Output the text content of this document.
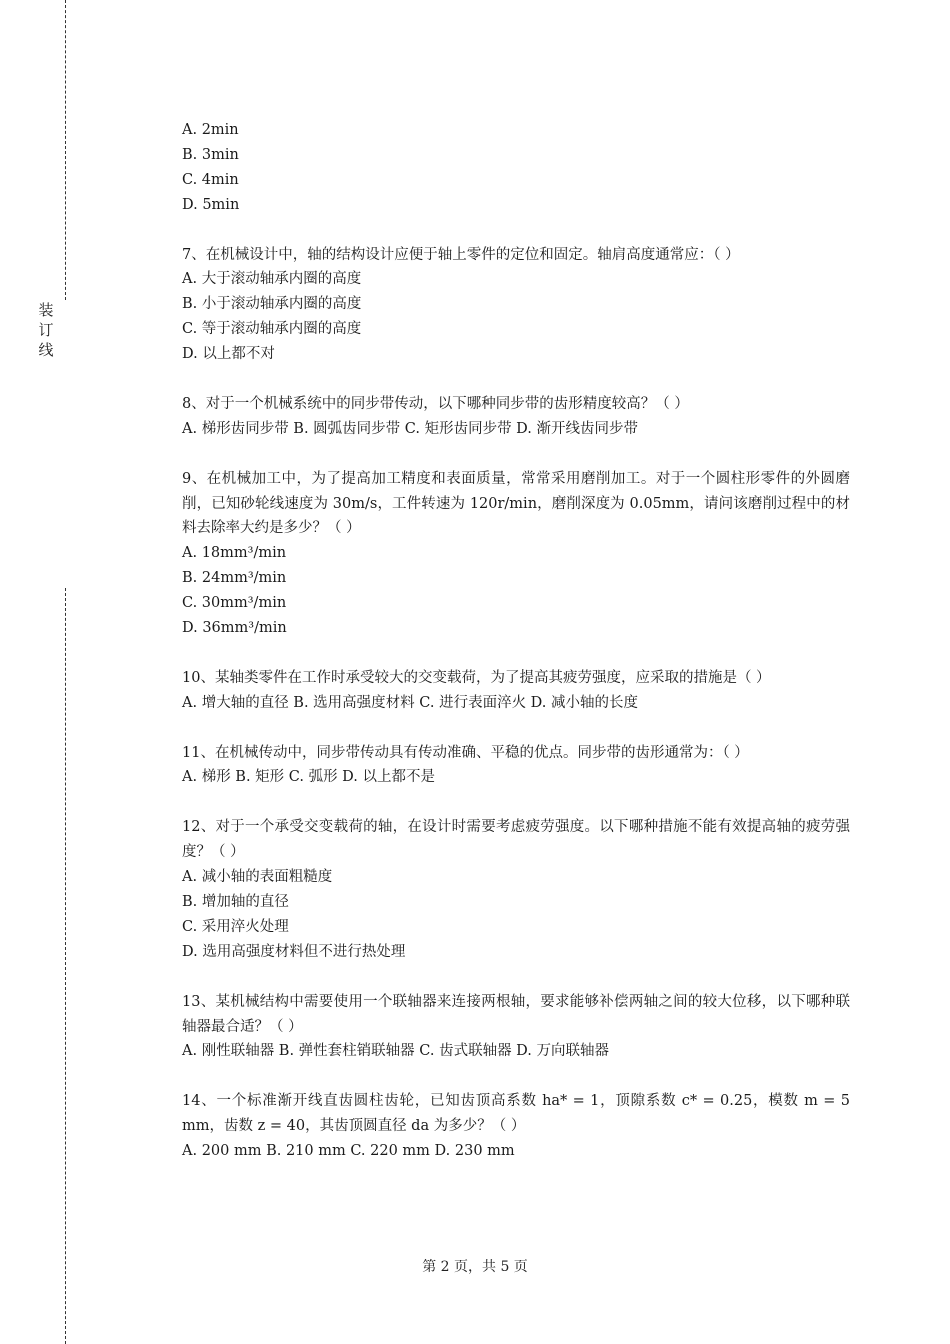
装
订
线
A. 2min
B. 3min
C. 4min
D. 5min
7、在机械设计中，轴的结构设计应便于轴上零件的定位和固定。轴肩高度通常应：（ ）
A. 大于滚动轴承内圈的高度
B. 小于滚动轴承内圈的高度
C. 等于滚动轴承内圈的高度
D. 以上都不对
8、对于一个机械系统中的同步带传动，以下哪种同步带的齿形精度较高？（ ）
A. 梯形齿同步带 B. 圆弧齿同步带 C. 矩形齿同步带 D. 渐开线齿同步带
9、在机械加工中，为了提高加工精度和表面质量，常常采用磨削加工。对于一个圆柱形零件的外圆磨削，已知砂轮线速度为 30m/s，工件转速为 120r/min，磨削深度为 0.05mm，请问该磨削过程中的材料去除率大约是多少？（ ）
A. 18mm³/min
B. 24mm³/min
C. 30mm³/min
D. 36mm³/min
10、某轴类零件在工作时承受较大的交变载荷，为了提高其疲劳强度，应采取的措施是（ ）
A. 增大轴的直径 B. 选用高强度材料 C. 进行表面淬火 D. 减小轴的长度
11、在机械传动中，同步带传动具有传动准确、平稳的优点。同步带的齿形通常为：（ ）
A. 梯形 B. 矩形 C. 弧形 D. 以上都不是
12、对于一个承受交变载荷的轴，在设计时需要考虑疲劳强度。以下哪种措施不能有效提高轴的疲劳强度？（ ）
A. 减小轴的表面粗糙度
B. 增加轴的直径
C. 采用淬火处理
D. 选用高强度材料但不进行热处理
13、某机械结构中需要使用一个联轴器来连接两根轴，要求能够补偿两轴之间的较大位移，以下哪种联轴器最合适？（ ）
A. 刚性联轴器 B. 弹性套柱销联轴器 C. 齿式联轴器 D. 万向联轴器
14、一个标准渐开线直齿圆柱齿轮，已知齿顶高系数 ha* = 1，顶隙系数 c* = 0.25，模数 m = 5 mm，齿数 z = 40，其齿顶圆直径 da 为多少？（ ）
A. 200 mm B. 210 mm C. 220 mm D. 230 mm
第 2 页，共 5 页
